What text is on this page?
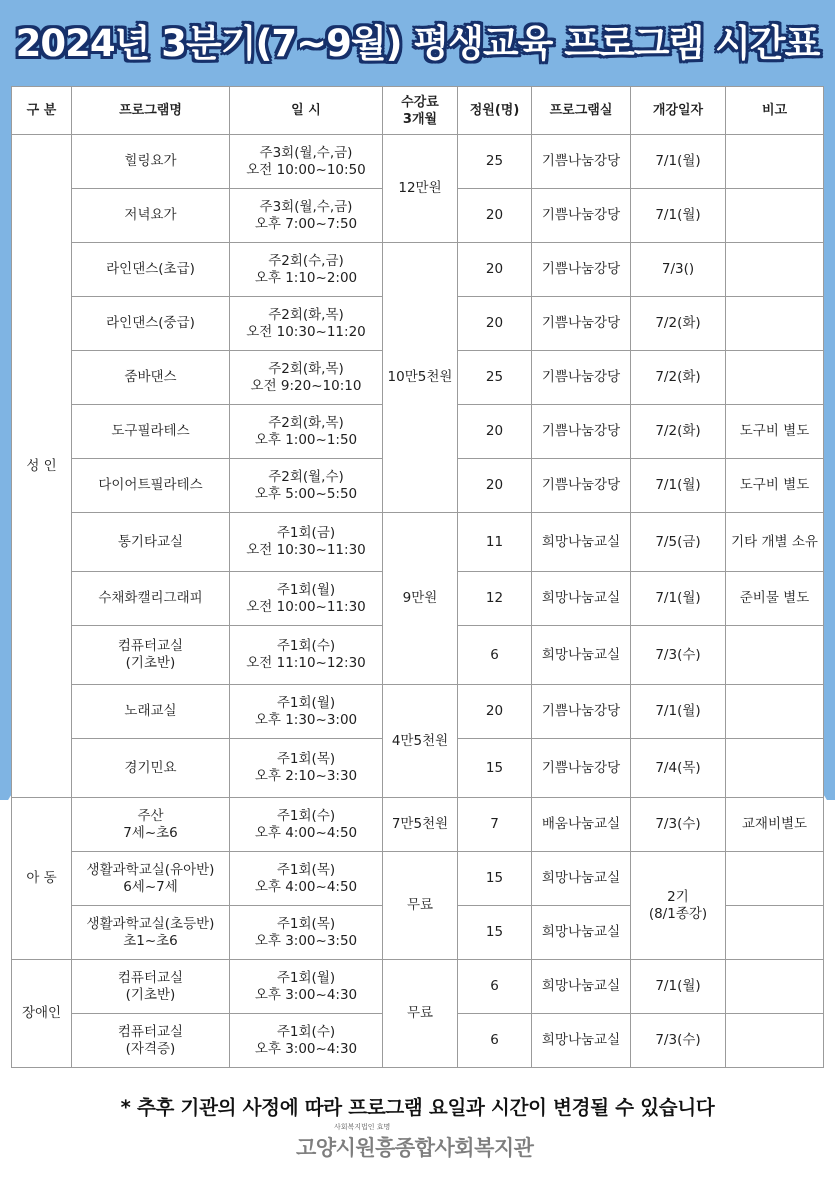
2024년 3분기(7~9월) 평생교육 프로그램 시간표
구 분	프로그램명	일 시	수강료
3개월	정원(명)	프로그램실	개강일자	비고
성 인	힐링요가	주3회(월,수,금)
오전 10:00~10:50	12만원	25	기쁨나눔강당	7/1(월)	
	저녁요가	주3회(월,수,금)
오후 7:00~7:50		20	기쁨나눔강당	7/1(월)	
	라인댄스(초급)	주2회(수,금)
오후 1:10~2:00	10만5천원	20	기쁨나눔강당	7/3()	
	라인댄스(중급)	주2회(화,목)
오전 10:30~11:20		20	기쁨나눔강당	7/2(화)	
	줌바댄스	주2회(화,목)
오전 9:20~10:10		25	기쁨나눔강당	7/2(화)	
	도구필라테스	주2회(화,목)
오후 1:00~1:50		20	기쁨나눔강당	7/2(화)	도구비 별도
	다이어트필라테스	주2회(월,수)
오후 5:00~5:50		20	기쁨나눔강당	7/1(월)	도구비 별도
	통기타교실	주1회(금)
오전 10:30~11:30	9만원	11	희망나눔교실	7/5(금)	기타 개별 소유
	수채화캘리그래피	주1회(월)
오전 10:00~11:30		12	희망나눔교실	7/1(월)	준비물 별도
	컴퓨터교실
(기초반)	주1회(수)
오전 11:10~12:30		6	희망나눔교실	7/3(수)	
	노래교실	주1회(월)
오후 1:30~3:00	4만5천원	20	기쁨나눔강당	7/1(월)	
	경기민요	주1회(목)
오후 2:10~3:30		15	기쁨나눔강당	7/4(목)	
아 동	주산
7세~초6	주1회(수)
오후 4:00~4:50	7만5천원	7	배움나눔교실	7/3(수)	교재비별도
	생활과학교실(유아반)
6세~7세	주1회(목)
오후 4:00~4:50	무료	15	희망나눔교실	2기
(8/1종강)	
	생활과학교실(초등반)
초1~초6	주1회(목)
오후 3:00~3:50		15	희망나눔교실		
장애인	컴퓨터교실
(기초반)	주1회(월)
오후 3:00~4:30	무료	6	희망나눔교실	7/1(월)	
	컴퓨터교실
(자격증)	주1회(수)
오후 3:00~4:30		6	희망나눔교실	7/3(수)	

* 추후 기관의 사정에 따라 프로그램 요일과 시간이 변경될 수 있습니다

사회복지법인 효명
고양시원흥종합사회복지관
